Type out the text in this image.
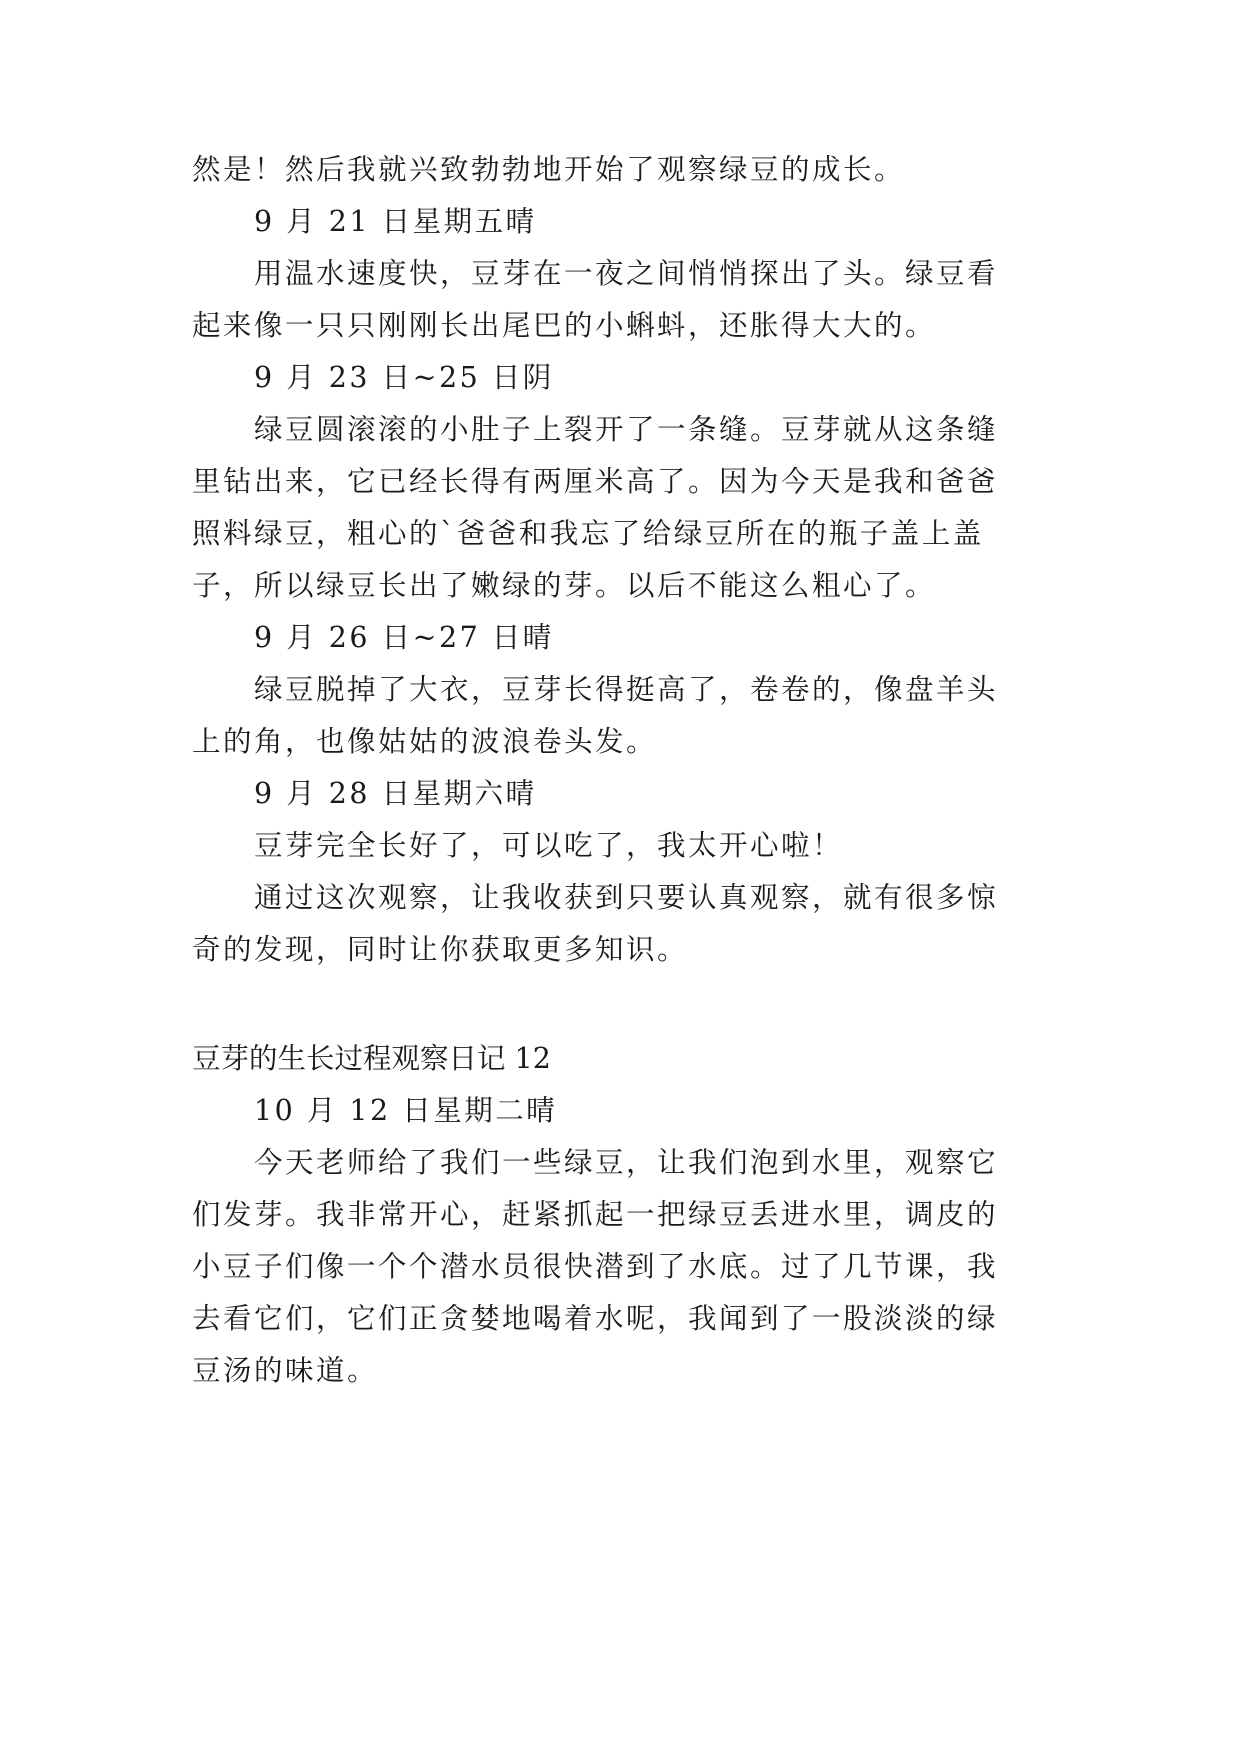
然是！然后我就兴致勃勃地开始了观察绿豆的成长。
9 月 21 日星期五晴
用温水速度快，豆芽在一夜之间悄悄探出了头。绿豆看
起来像一只只刚刚长出尾巴的小蝌蚪，还胀得大大的。
9 月 23 日~25 日阴
绿豆圆滚滚的小肚子上裂开了一条缝。豆芽就从这条缝
里钻出来，它已经长得有两厘米高了。因为今天是我和爸爸
照料绿豆，粗心的`爸爸和我忘了给绿豆所在的瓶子盖上盖
子，所以绿豆长出了嫩绿的芽。以后不能这么粗心了。
9 月 26 日~27 日晴
绿豆脱掉了大衣，豆芽长得挺高了，卷卷的，像盘羊头
上的角，也像姑姑的波浪卷头发。
9 月 28 日星期六晴
豆芽完全长好了，可以吃了，我太开心啦！
通过这次观察，让我收获到只要认真观察，就有很多惊
奇的发现，同时让你获取更多知识。
豆芽的生长过程观察日记 12
10 月 12 日星期二晴
今天老师给了我们一些绿豆，让我们泡到水里，观察它
们发芽。我非常开心，赶紧抓起一把绿豆丢进水里，调皮的
小豆子们像一个个潜水员很快潜到了水底。过了几节课，我
去看它们，它们正贪婪地喝着水呢，我闻到了一股淡淡的绿
豆汤的味道。
